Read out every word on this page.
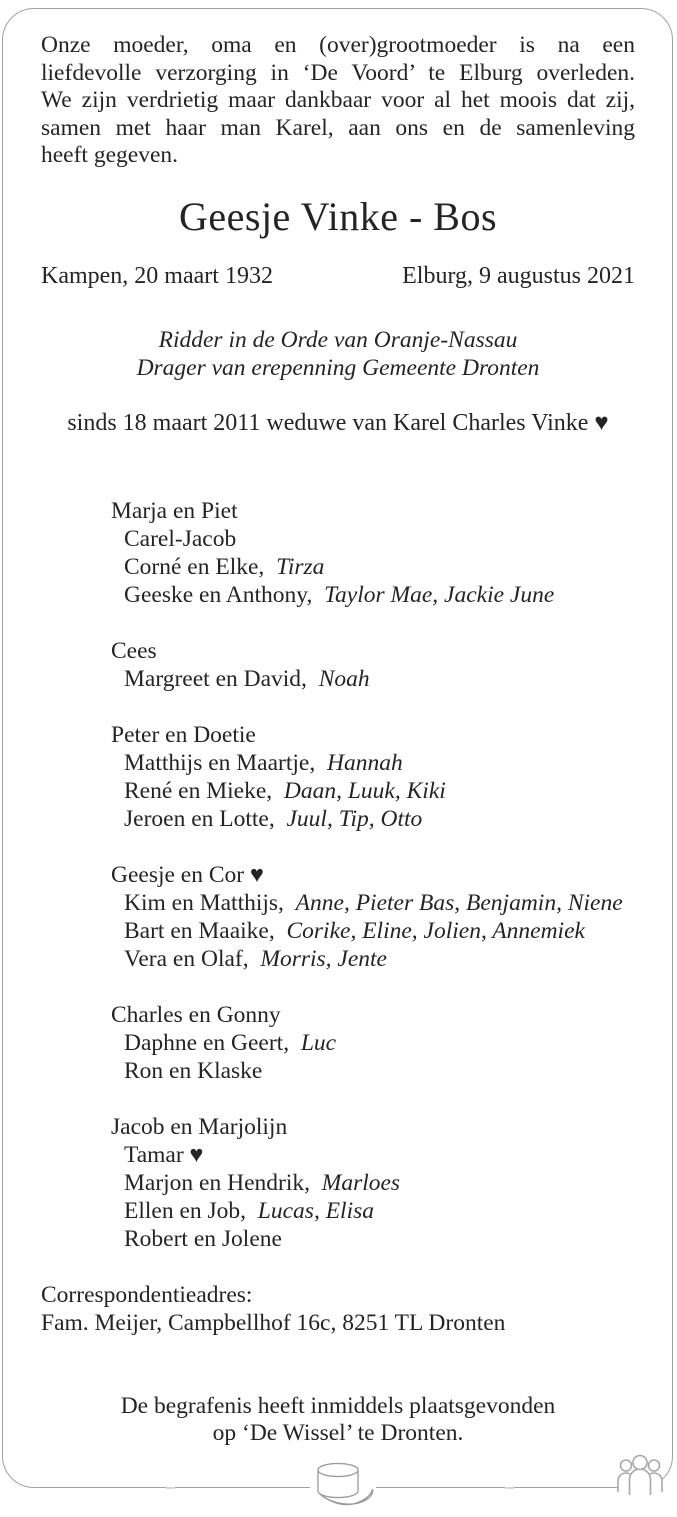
Onze moeder, oma en (over)grootmoeder is na een
liefdevolle verzorging in ‘De Voord’ te Elburg overleden.
We zijn verdrietig maar dankbaar voor al het moois dat zij,
samen met haar man Karel, aan ons en de samenleving
heeft gegeven.
Geesje Vinke - Bos
Kampen, 20 maart 1932	Elburg, 9 augustus 2021
Ridder in de Orde van Oranje-Nassau
Drager van erepenning Gemeente Dronten
sinds 18 maart 2011 weduwe van Karel Charles Vinke ♥
Marja en Piet
Carel-Jacob
Corné en Elke, Tirza
Geeske en Anthony, Taylor Mae, Jackie June
Cees
Margreet en David, Noah
Peter en Doetie
Matthijs en Maartje, Hannah
René en Mieke, Daan, Luuk, Kiki
Jeroen en Lotte, Juul, Tip, Otto
Geesje en Cor ♥
Kim en Matthijs, Anne, Pieter Bas, Benjamin, Niene
Bart en Maaike, Corike, Eline, Jolien, Annemiek
Vera en Olaf, Morris, Jente
Charles en Gonny
Daphne en Geert, Luc
Ron en Klaske
Jacob en Marjolijn
Tamar ♥
Marjon en Hendrik, Marloes
Ellen en Job, Lucas, Elisa
Robert en Jolene
Correspondentieadres:
Fam. Meijer, Campbellhof 16c, 8251 TL Dronten
De begrafenis heeft inmiddels plaatsgevonden
op ‘De Wissel’ te Dronten.
